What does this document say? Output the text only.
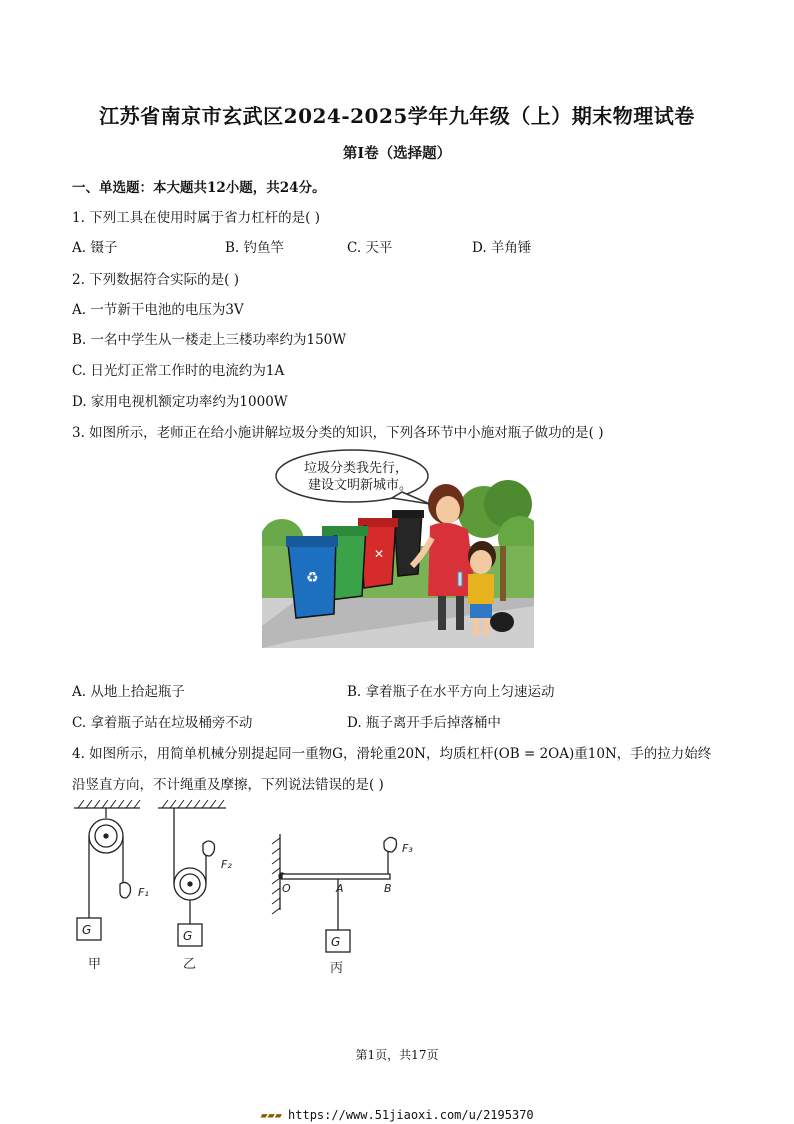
江苏省南京市玄武区2024-2025学年九年级（上）期末物理试卷
第I卷（选择题）
一、单选题：本大题共12小题，共24分。
1. 下列工具在使用时属于省力杠杆的是( )
A. 镊子	B. 钓鱼竿	C. 天平	D. 羊角锤
2. 下列数据符合实际的是( )
A. 一节新干电池的电压为3V
B. 一名中学生从一楼走上三楼功率约为150W
C. 日光灯正常工作时的电流约为1A
D. 家用电视机额定功率约为1000W
3. 如图所示，老师正在给小施讲解垃圾分类的知识，下列各环节中小施对瓶子做功的是( )
✕
♻
垃圾分类我先行，
建设文明新城市。
A. 从地上拾起瓶子	B. 拿着瓶子在水平方向上匀速运动
C. 拿着瓶子站在垃圾桶旁不动	D. 瓶子离开手后掉落桶中
4. 如图所示，用简单机械分别提起同一重物G，滑轮重20N，均质杠杆(OB = 2OA)重10N，手的拉力始终
沿竖直方向，不计绳重及摩擦，下列说法错误的是( )
G
F₁
甲
G
F₂
乙
G
O	A	B
F₃
丙
第1页，共17页
▰▰▰ https://www.51jiaoxi.com/u/2195370
